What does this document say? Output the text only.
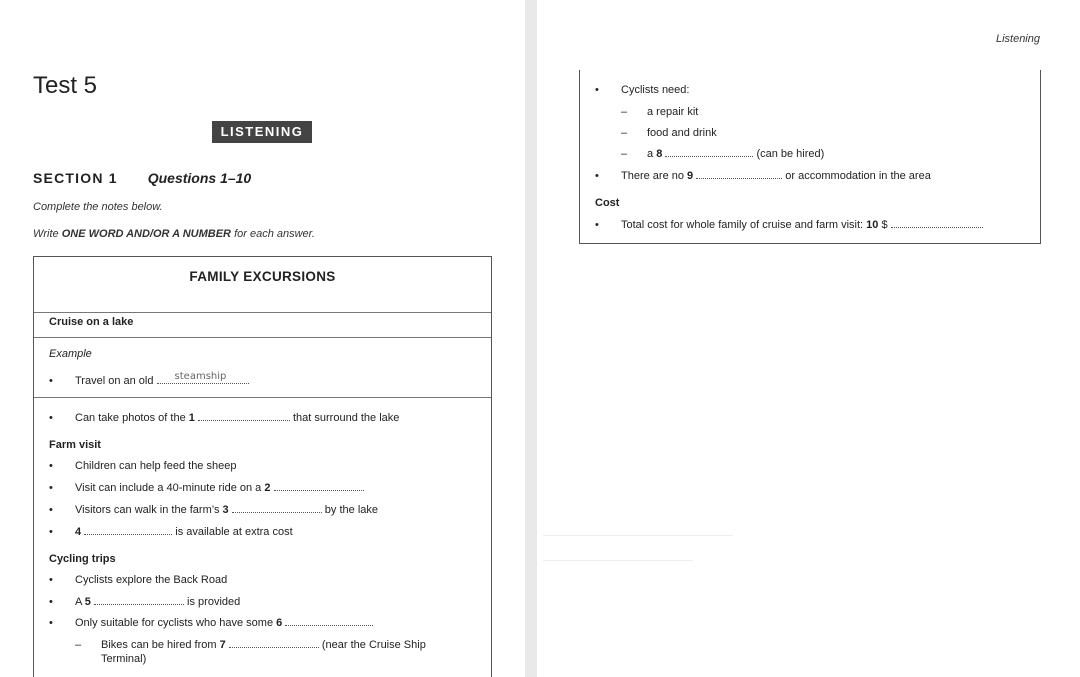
Test 5
LISTENING
SECTION 1 Questions 1–10
Complete the notes below.
Write ONE WORD AND/OR A NUMBER for each answer.
FAMILY EXCURSIONS
Cruise on a lake
Example
• Travel on an old steamship
• Can take photos of the 1	that surround the lake
Farm visit
• Children can help feed the sheep
• Visit can include a 40-minute ride on a 2
• Visitors can walk in the farm’s 3	by the lake
• 4	is available at extra cost
Cycling trips
• Cyclists explore the Back Road
• A 5	is provided
• Only suitable for cyclists who have some 6
– Bikes can be hired from 7	(near the Cruise Ship
Terminal)
Listening
• Cyclists need:
– a repair kit
– food and drink
– a 8	(can be hired)
• There are no 9	or accommodation in the area
Cost
• Total cost for whole family of cruise and farm visit: 10 $
